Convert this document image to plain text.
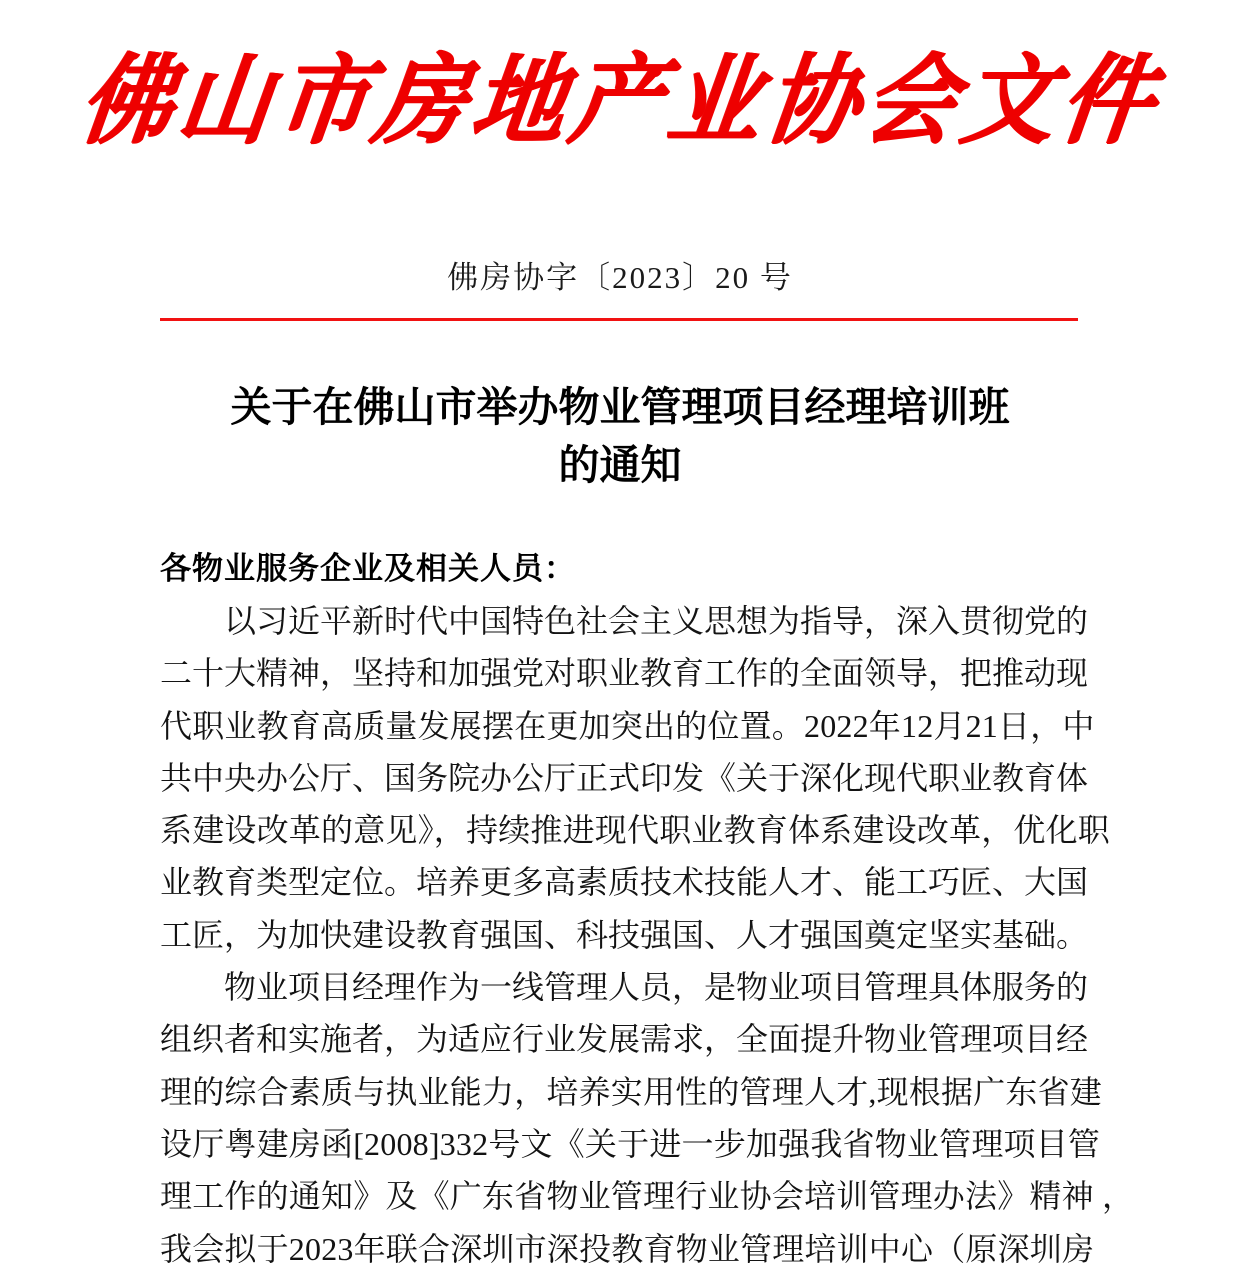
佛山市房地产业协会文件
佛房协字〔2023〕20 号
关于在佛山市举办物业管理项目经理培训班
的通知
各物业服务企业及相关人员：
以习近平新时代中国特色社会主义思想为指导，深入贯彻党的
二十大精神，坚持和加强党对职业教育工作的全面领导，把推动现
代职业教育高质量发展摆在更加突出的位置。2022年12月21日，中
共中央办公厅、国务院办公厅正式印发《关于深化现代职业教育体
系建设改革的意见》，持续推进现代职业教育体系建设改革，优化职
业教育类型定位。培养更多高素质技术技能人才、能工巧匠、大国
工匠，为加快建设教育强国、科技强国、人才强国奠定坚实基础。
物业项目经理作为一线管理人员，是物业项目管理具体服务的
组织者和实施者，为适应行业发展需求，全面提升物业管理项目经
理的综合素质与执业能力，培养实用性的管理人才,现根据广东省建
设厅粤建房函[2008]332号文《关于进一步加强我省物业管理项目管
理工作的通知》及《广东省物业管理行业协会培训管理办法》精神 ，
我会拟于2023年联合深圳市深投教育物业管理培训中心（原深圳房
